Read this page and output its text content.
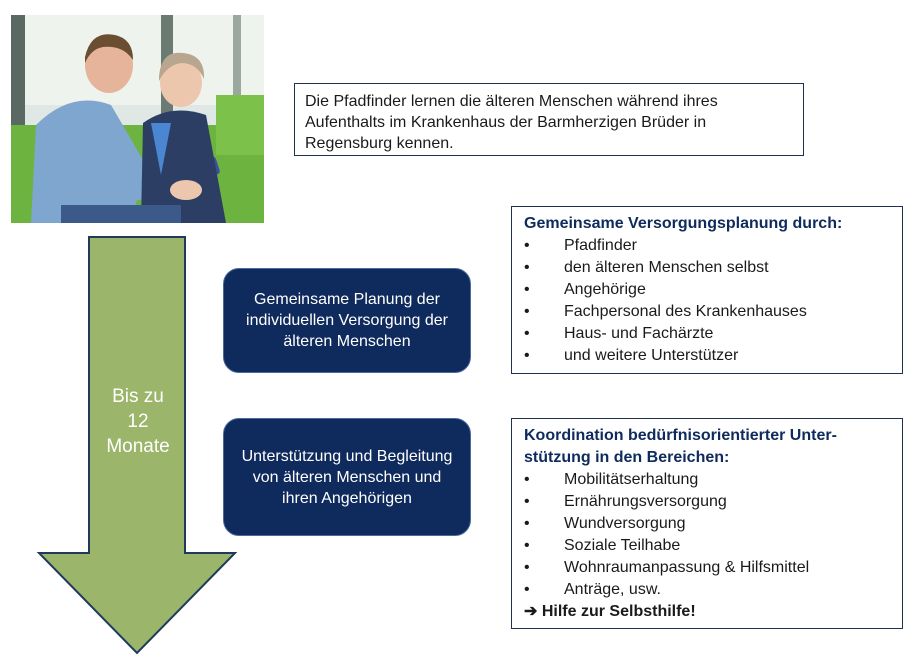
Die Pfadfinder lernen die älteren Menschen während ihres Aufenthalts im Krankenhaus der Barmherzigen Brüder in Regensburg kennen.
Bis zu
12
Monate
Gemeinsame Planung der individuellen Versorgung der älteren Menschen
Unterstützung und Begleitung von älteren Menschen und ihren Angehörigen
Gemeinsame Versorgungsplanung durch:
•	Pfadfinder
•	den älteren Menschen selbst
•	Angehörige
•	Fachpersonal des Krankenhauses
•	Haus- und Fachärzte
•	und weitere Unterstützer
Koordination bedürfnisorientierter Unter-
stützung in den Bereichen:
•	Mobilitätserhaltung
•	Ernährungsversorgung
•	Wundversorgung
•	Soziale Teilhabe
•	Wohnraumanpassung & Hilfsmittel
•	Anträge, usw.
➔ Hilfe zur Selbsthilfe!
